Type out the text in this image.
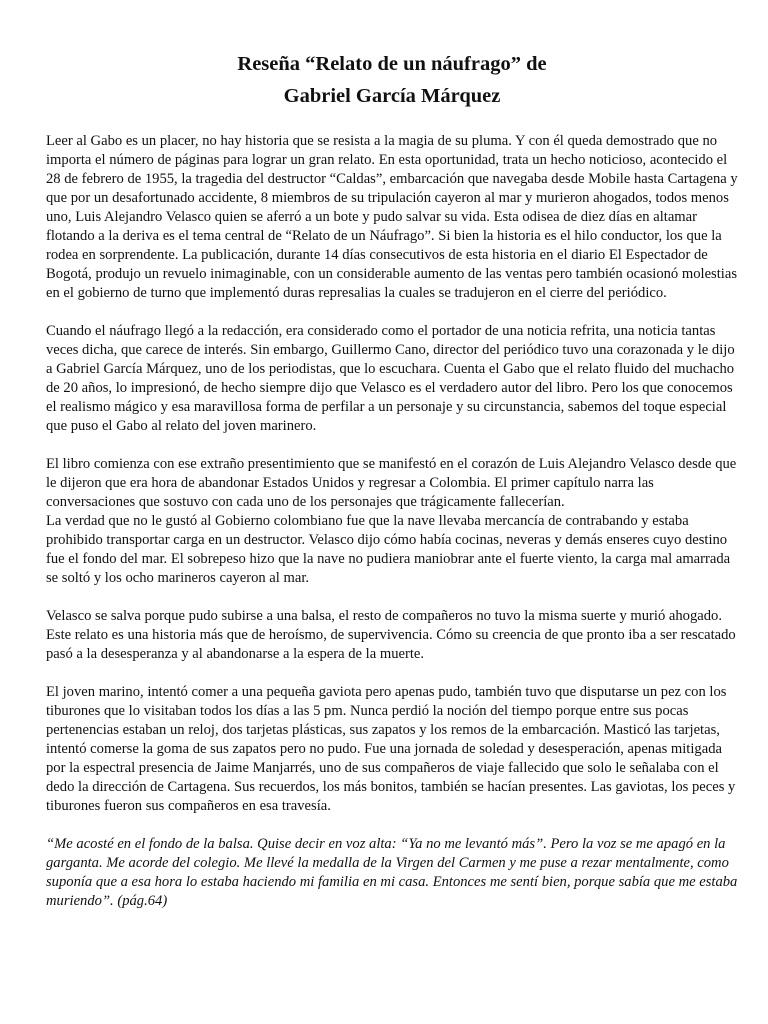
Reseña “Relato de un náufrago” de
Gabriel García Márquez

Leer al Gabo es un placer, no hay historia que se resista a la magia de su pluma. Y con él queda demostrado que no importa el número de páginas para lograr un gran relato. En esta oportunidad, trata un hecho noticioso, acontecido el 28 de febrero de 1955, la tragedia del destructor “Caldas”, embarcación que navegaba desde Mobile hasta Cartagena y que por un desafortunado accidente, 8 miembros de su tripulación cayeron al mar y murieron ahogados, todos menos uno, Luis Alejandro Velasco quien se aferró a un bote y pudo salvar su vida. Esta odisea de diez días en altamar flotando a la deriva es el tema central de “Relato de un Náufrago”. Si bien la historia es el hilo conductor, los que la rodea en sorprendente. La publicación, durante 14 días consecutivos de esta historia en el diario El Espectador de Bogotá, produjo un revuelo inimaginable, con un considerable aumento de las ventas pero también ocasionó molestias en el gobierno de turno que implementó duras represalias la cuales se tradujeron en el cierre del periódico.

Cuando el náufrago llegó a la redacción, era considerado como el portador de una noticia refrita, una noticia tantas veces dicha, que carece de interés. Sin embargo, Guillermo Cano, director del periódico tuvo una corazonada y le dijo a Gabriel García Márquez, uno de los periodistas, que lo escuchara. Cuenta el Gabo que el relato fluido del muchacho de 20 años, lo impresionó, de hecho siempre dijo que Velasco es el verdadero autor del libro. Pero los que conocemos el realismo mágico y esa maravillosa forma de perfilar a un personaje y su circunstancia, sabemos del toque especial que puso el Gabo al relato del joven marinero.

El libro comienza con ese extraño presentimiento que se manifestó en el corazón de Luis Alejandro Velasco desde que le dijeron que era hora de abandonar Estados Unidos y regresar a Colombia. El primer capítulo narra las conversaciones que sostuvo con cada uno de los personajes que trágicamente fallecerían.

La verdad que no le gustó al Gobierno colombiano fue que la nave llevaba mercancía de contrabando y estaba prohibido transportar carga en un destructor. Velasco dijo cómo había cocinas, neveras y demás enseres cuyo destino fue el fondo del mar. El sobrepeso hizo que la nave no pudiera maniobrar ante el fuerte viento, la carga mal amarrada se soltó y los ocho marineros cayeron al mar.

Velasco se salva porque pudo subirse a una balsa, el resto de compañeros no tuvo la misma suerte y murió ahogado. Este relato es una historia más que de heroísmo, de supervivencia. Cómo su creencia de que pronto iba a ser rescatado pasó a la desesperanza y al abandonarse a la espera de la muerte.

El joven marino, intentó comer a una pequeña gaviota pero apenas pudo, también tuvo que disputarse un pez con los tiburones que lo visitaban todos los días a las 5 pm. Nunca perdió la noción del tiempo porque entre sus pocas pertenencias estaban un reloj, dos tarjetas plásticas, sus zapatos y los remos de la embarcación. Masticó las tarjetas, intentó comerse la goma de sus zapatos pero no pudo. Fue una jornada de soledad y desesperación, apenas mitigada por la espectral presencia de Jaime Manjarrés, uno de sus compañeros de viaje fallecido que solo le señalaba con el dedo la dirección de Cartagena. Sus recuerdos, los más bonitos, también se hacían presentes. Las gaviotas, los peces y tiburones fueron sus compañeros en esa travesía.

“Me acosté en el fondo de la balsa. Quise decir en voz alta: “Ya no me levantó más”. Pero la voz se me apagó en la garganta. Me acorde del colegio. Me llevé la medalla de la Virgen del Carmen y me puse a rezar mentalmente, como suponía que a esa hora lo estaba haciendo mi familia en mi casa. Entonces me sentí bien, porque sabía que me estaba muriendo”. (pág.64)
